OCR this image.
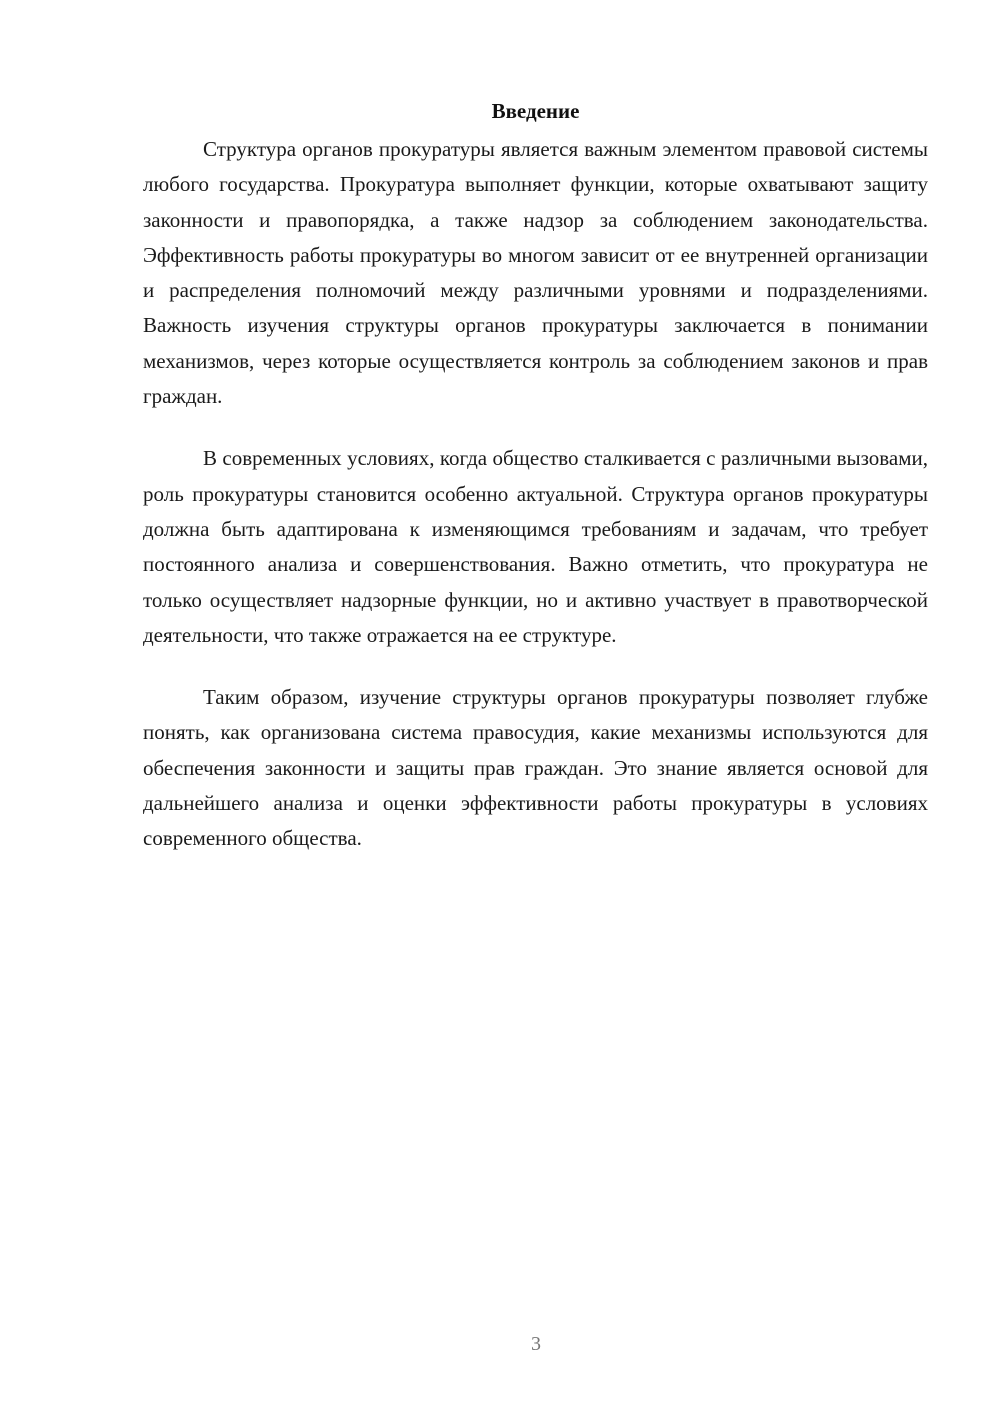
Введение

Структура органов прокуратуры является важным элементом правовой системы любого государства. Прокуратура выполняет функции, которые охватывают защиту законности и правопорядка, а также надзор за соблюдением законодательства. Эффективность работы прокуратуры во многом зависит от ее внутренней организации и распределения полномочий между различными уровнями и подразделениями. Важность изучения структуры органов прокуратуры заключается в понимании механизмов, через которые осуществляется контроль за соблюдением законов и прав граждан.

В современных условиях, когда общество сталкивается с различными вызовами, роль прокуратуры становится особенно актуальной. Структура органов прокуратуры должна быть адаптирована к изменяющимся требованиям и задачам, что требует постоянного анализа и совершенствования. Важно отметить, что прокуратура не только осуществляет надзорные функции, но и активно участвует в правотворческой деятельности, что также отражается на ее структуре.

Таким образом, изучение структуры органов прокуратуры позволяет глубже понять, как организована система правосудия, какие механизмы используются для обеспечения законности и защиты прав граждан. Это знание является основой для дальнейшего анализа и оценки эффективности работы прокуратуры в условиях современного общества.

3
